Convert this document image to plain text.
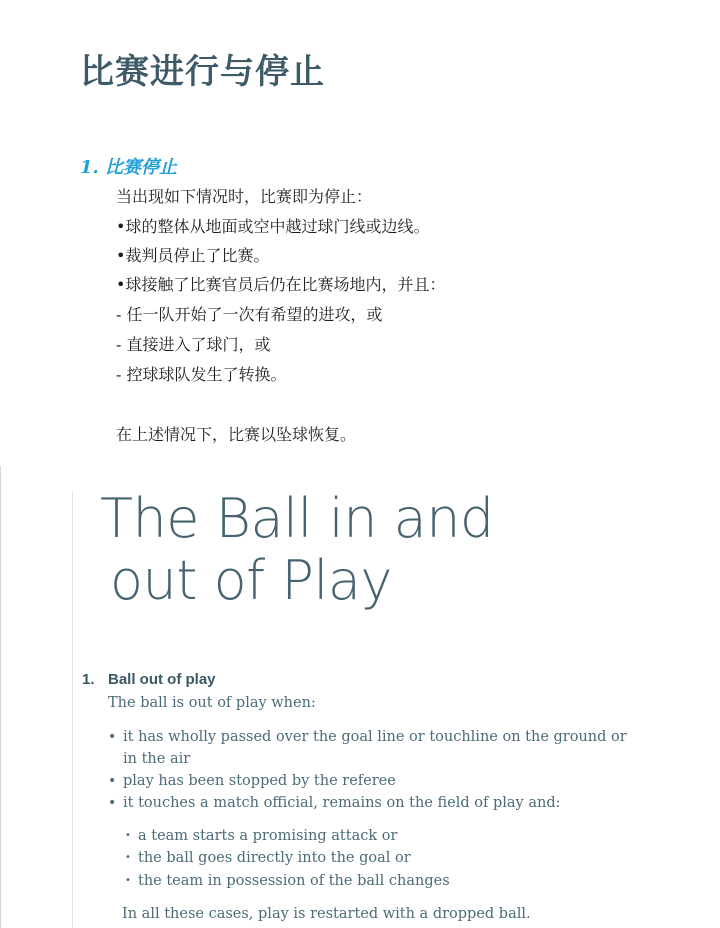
比赛进行与停止
1. 比赛停止
当出现如下情况时，比赛即为停止：
•球的整体从地面或空中越过球门线或边线。
•裁判员停止了比赛。
•球接触了比赛官员后仍在比赛场地内，并且：
- 任一队开始了一次有希望的进攻，或
- 直接进入了球门，或
- 控球球队发生了转换。
在上述情况下，比赛以坠球恢复。
The Ball in and
out of Play
1. Ball out of play
The ball is out of play when:
• it has wholly passed over the goal line or touchline on the ground or
in the air
• play has been stopped by the referee
• it touches a match official, remains on the field of play and:
• a team starts a promising attack or
• the ball goes directly into the goal or
• the team in possession of the ball changes
In all these cases, play is restarted with a dropped ball.
